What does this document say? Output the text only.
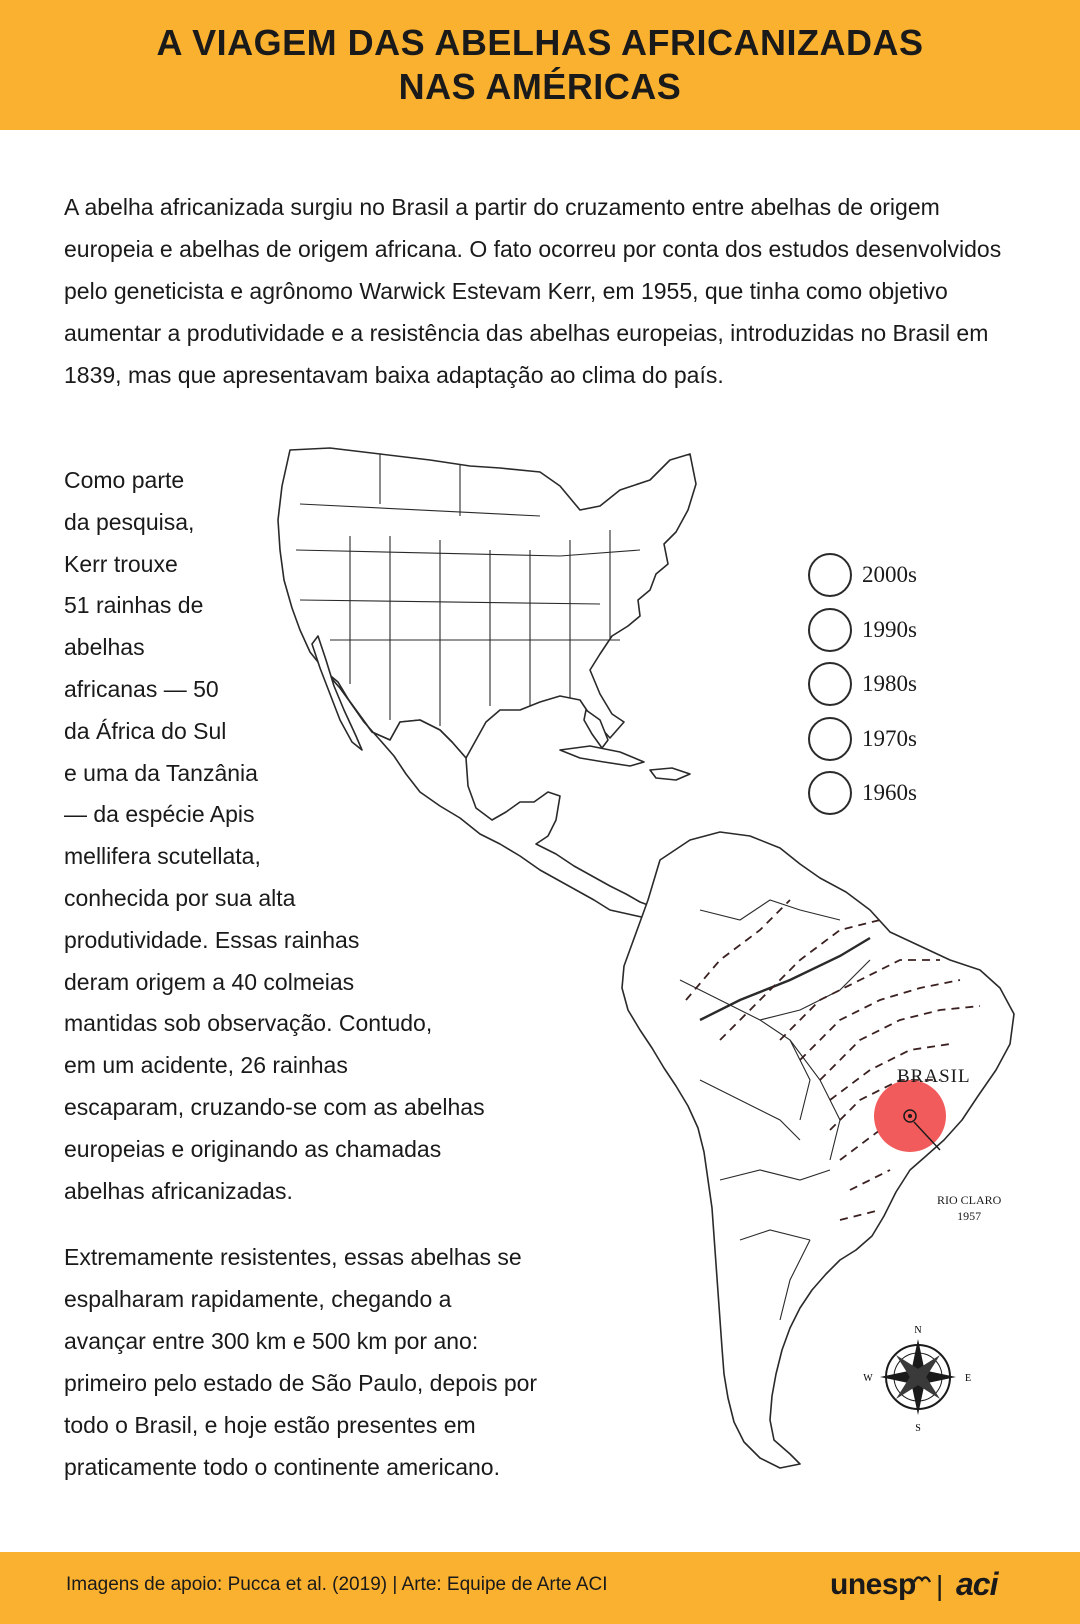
A VIAGEM DAS ABELHAS AFRICANIZADAS
NAS AMÉRICAS

A abelha africanizada surgiu no Brasil a partir do cruzamento entre abelhas de origem europeia e abelhas de origem africana. O fato ocorreu por conta dos estudos desenvolvidos pelo geneticista e agrônomo Warwick Estevam Kerr, em 1955, que tinha como objetivo aumentar a produtividade e a resistência das abelhas europeias, introduzidas no Brasil em 1839, mas que apresentavam baixa adaptação ao clima do país.

N
S
E
W
Como parte
da pesquisa,
Kerr trouxe
51 rainhas de
abelhas
africanas — 50
da África do Sul
e uma da Tanzânia
— da espécie Apis
mellifera scutellata,
conhecida por sua alta
produtividade. Essas rainhas
deram origem a 40 colmeias
mantidas sob observação. Contudo,
em um acidente, 26 rainhas
escaparam, cruzando-se com as abelhas
europeias e originando as chamadas
abelhas africanizadas.
2000s
1990s
1980s
1970s
1960s
BRASIL
RIO CLARO
1957
Extremamente resistentes, essas abelhas se
espalharam rapidamente, chegando a
avançar entre 300 km e 500 km por ano:
primeiro pelo estado de São Paulo, depois por
todo o Brasil, e hoje estão presentes em
praticamente todo o continente americano.
Imagens de apoio: Pucca et al. (2019) | Arte: Equipe de Arte ACI	unesp | aci
